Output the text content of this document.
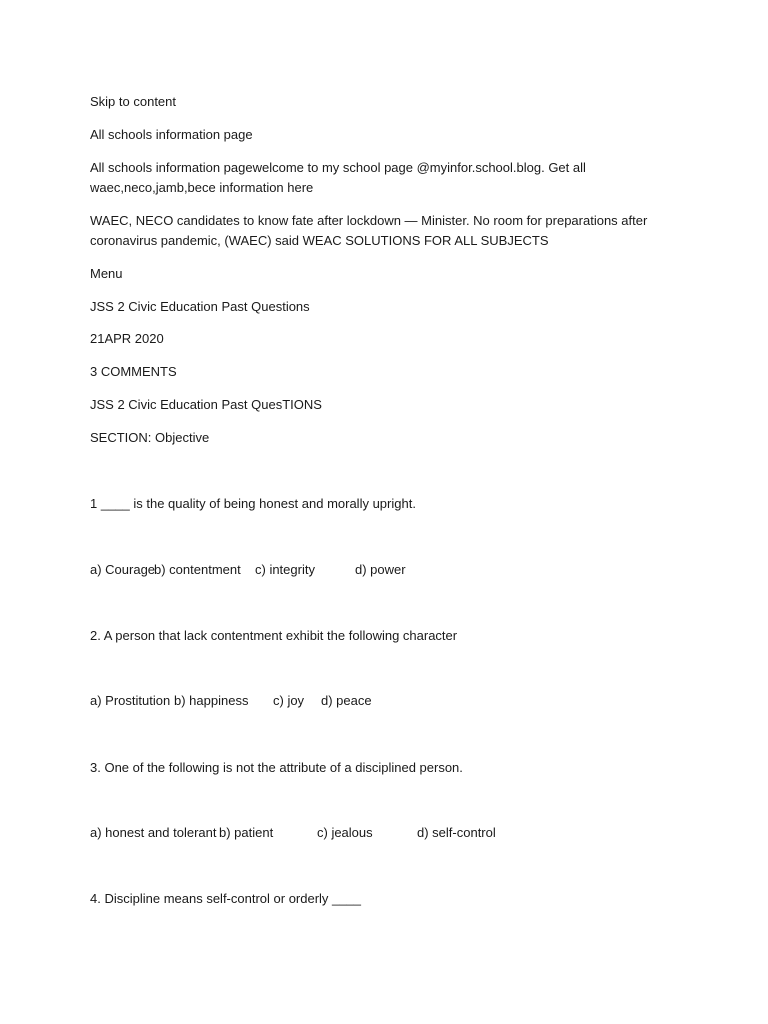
Skip to content
All schools information page
All schools information pagewelcome to my school page @myinfor.school.blog. Get all waec,neco,jamb,bece information here
WAEC, NECO candidates to know fate after lockdown — Minister. No room for preparations after coronavirus pandemic, (WAEC) said WEAC SOLUTIONS FOR ALL SUBJECTS
Menu
JSS 2 Civic Education Past Questions
21APR 2020
3 COMMENTS
JSS 2 Civic Education Past QuesTIONS
SECTION: Objective
1 ____ is the quality of being honest and morally upright.
a) Courage
b) contentment c) integrity	d) power
2. A person that lack contentment exhibit the following character
a) Prostitution b) happiness c) joy d) peace
3. One of the following is not the attribute of a disciplined person.
a) honest and tolerant b) patient	c) jealous	d) self-control
4. Discipline means self-control or orderly ____
